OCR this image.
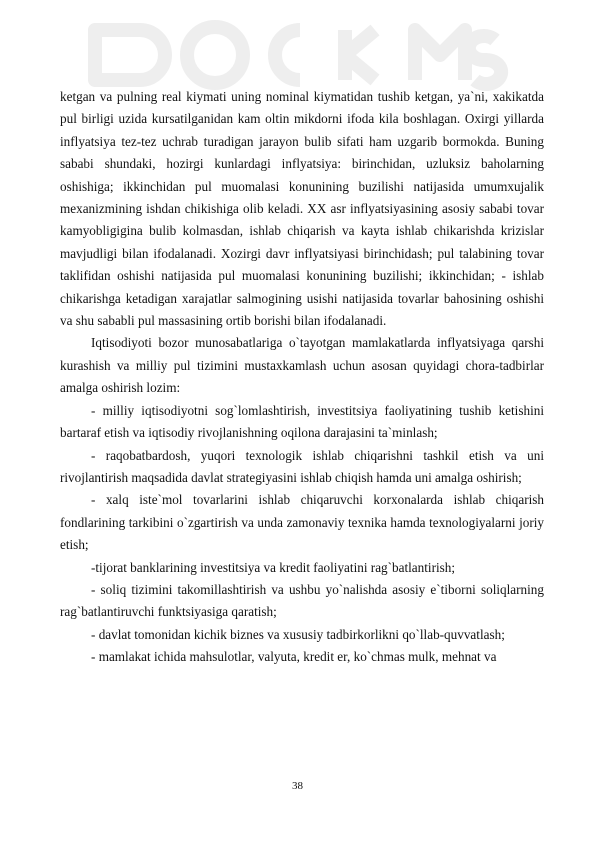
ketgan va pulning real kiymati uning nominal kiymatidan tushib ketgan, ya`ni, xakikatda pul birligi uzida kursatilganidan kam oltin mikdorni ifoda kila boshlagan. Oxirgi yillarda inflyatsiya tez-tez uchrab turadigan jarayon bulib sifati ham uzgarib bormokda. Buning sababi shundaki, hozirgi kunlardagi inflyatsiya: birinchidan, uzluksiz baholarning oshishiga; ikkinchidan pul muomalasi konunining buzilishi natijasida umumxujalik mexanizmining ishdan chikishiga olib keladi. XX asr inflyatsiyasining asosiy sababi tovar kamyobligigina bulib kolmasdan, ishlab chiqarish va kayta ishlab chikarishda krizislar mavjudligi bilan ifodalanadi. Xozirgi davr inflyatsiyasi birinchidash; pul talabining tovar taklifidan oshishi natijasida pul muomalasi konunining buzilishi; ikkinchidan; - ishlab chikarishga ketadigan xarajatlar salmogining usishi natijasida tovarlar bahosining oshishi va shu sababli pul massasining ortib borishi bilan ifodalanadi.

Iqtisodiyoti bozor munosabatlariga o`tayotgan mamlakatlarda inflyatsiyaga qarshi kurashish va milliy pul tizimini mustaxkamlash uchun asosan quyidagi chora-tadbirlar amalga oshirish lozim:

- milliy iqtisodiyotni sog`lomlashtirish, investitsiya faoliyatining tushib ketishini bartaraf etish va iqtisodiy rivojlanishning oqilona darajasini ta`minlash;

- raqobatbardosh, yuqori texnologik ishlab chiqarishni tashkil etish va uni rivojlantirish maqsadida davlat strategiyasini ishlab chiqish hamda uni amalga oshirish;

- xalq iste`mol tovarlarini ishlab chiqaruvchi korxonalarda ishlab chiqarish fondlarining tarkibini o`zgartirish va unda zamonaviy texnika hamda texnologiyalarni joriy etish;

-tijorat banklarining investitsiya va kredit faoliyatini rag`batlantirish;

- soliq tizimini takomillashtirish va ushbu yo`nalishda asosiy e`tiborni soliqlarning rag`batlantiruvchi funktsiyasiga qaratish;

- davlat tomonidan kichik biznes va xususiy tadbirkorlikni qo`llab-quvvatlash;

- mamlakat ichida mahsulotlar, valyuta, kredit er, ko`chmas mulk, mehnat va

38
